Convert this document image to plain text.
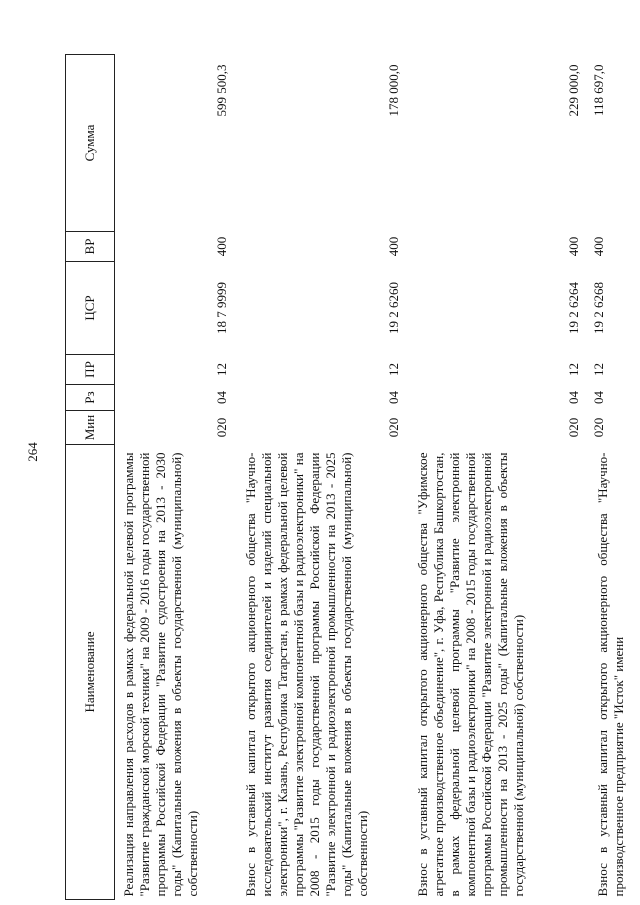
264
Наименование	Мин	Рз	ПР	ЦСР	ВР	Сумма
Реализация направления расходов в рамках федеральной целевой программы "Развитие гражданской морской техники" на 2009 - 2016 годы государственной программы Российской Федерации "Развитие судостроения на 2013 - 2030 годы" (Капитальные вложения в объекты государственной (муниципальной) собственности)	020	04	12	18 7 9999	400	599 500,3
Взнос в уставный капитал открытого акционерного общества "Научно-исследовательский институт развития соединителей и изделий специальной электроники", г. Казань, Республика Татарстан, в рамках федеральной целевой программы "Развитие электронной компонентной базы и радиоэлектроники" на 2008 - 2015 годы государственной программы Российской Федерации "Развитие электронной и радиоэлектронной промышленности на 2013 - 2025 годы" (Капитальные вложения в объекты государственной (муниципальной) собственности)	020	04	12	19 2 6260	400	178 000,0
Взнос в уставный капитал открытого акционерного общества "Уфимское агрегатное производственное объединение", г. Уфа, Республика Башкортостан, в рамках федеральной целевой программы "Развитие электронной компонентной базы и радиоэлектроники" на 2008 - 2015 годы государственной программы Российской Федерации "Развитие электронной и радиоэлектронной промышленности на 2013 - 2025 годы" (Капитальные вложения в объекты государственной (муниципальной) собственности)	020	04	12	19 2 6264	400	229 000,0
Взнос в уставный капитал открытого акционерного общества "Научно-производственное предприятие "Исток" имени	020	04	12	19 2 6268	400	118 697,0
